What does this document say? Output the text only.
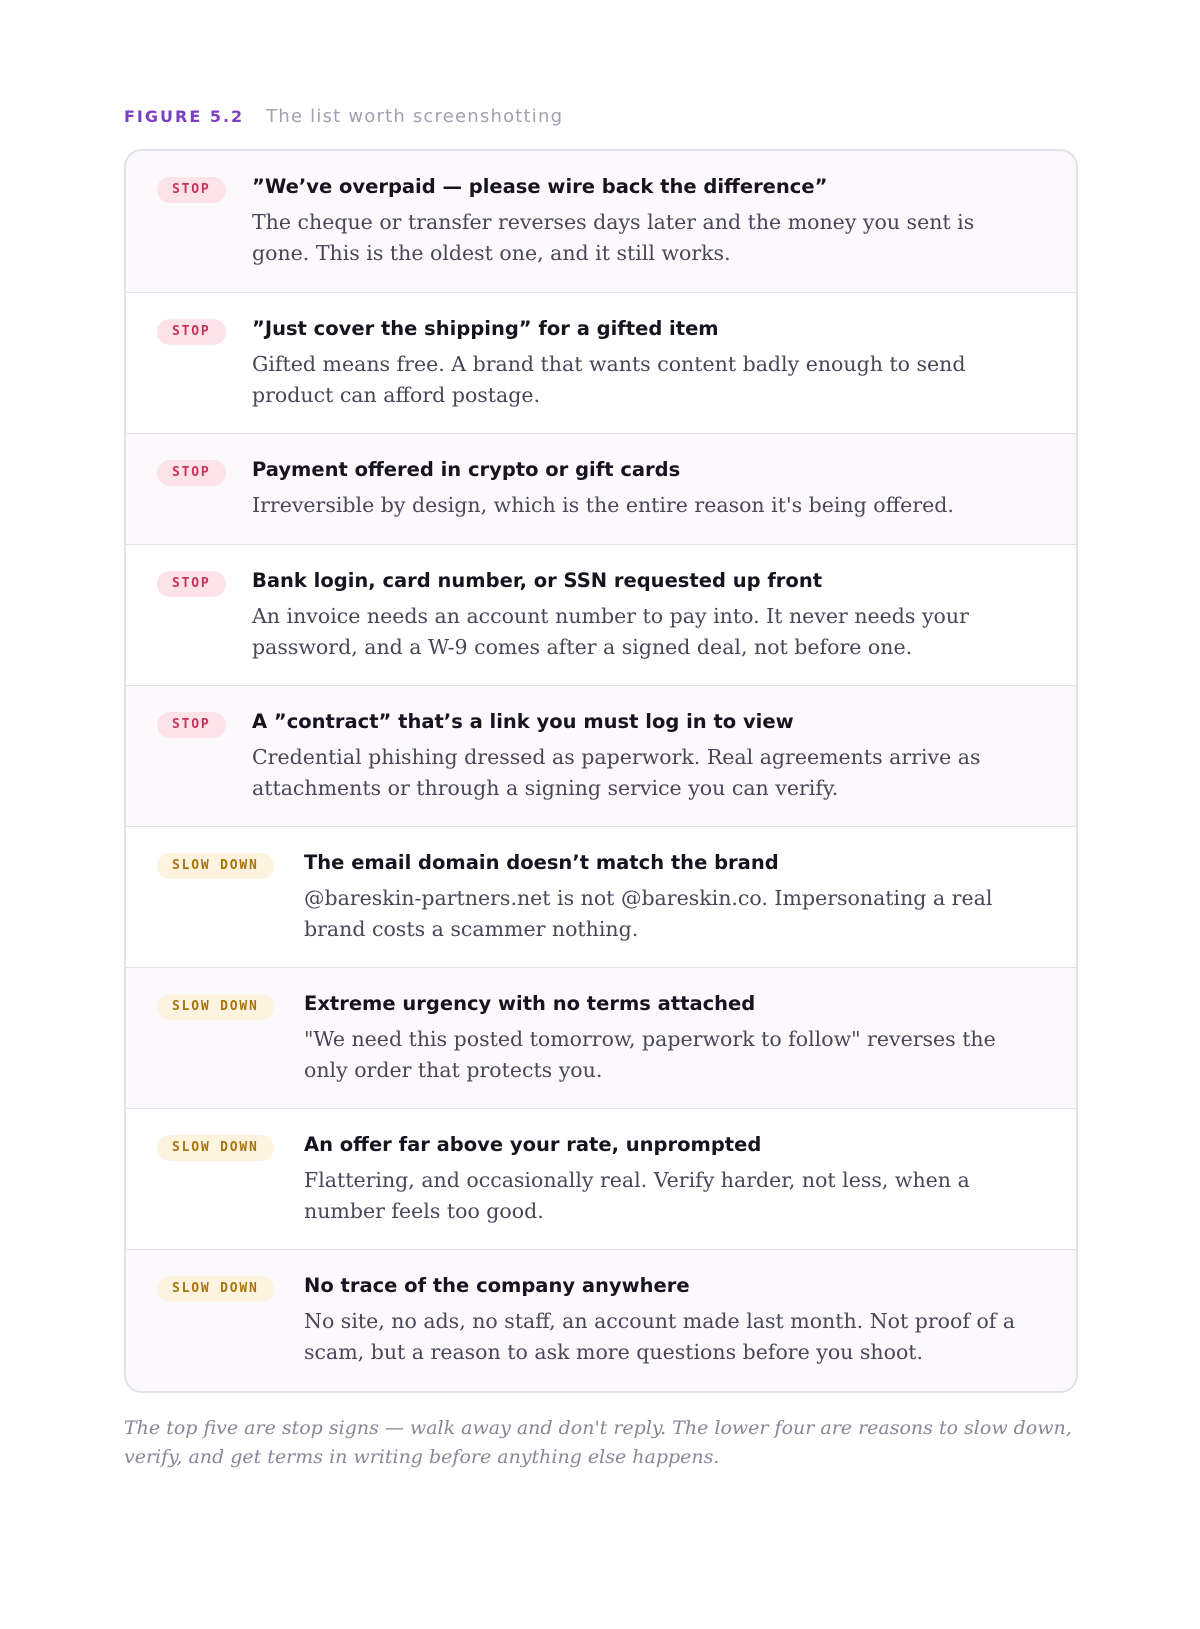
FIGURE 5.2 The list worth screenshotting
STOP	”We’ve overpaid — please wire back the difference”
The cheque or transfer reverses days later and the money you sent is gone. This is the oldest one, and it still works.
STOP	”Just cover the shipping” for a gifted item
Gifted means free. A brand that wants content badly enough to send product can afford postage.
STOP	Payment offered in crypto or gift cards
Irreversible by design, which is the entire reason it's being offered.
STOP	Bank login, card number, or SSN requested up front
An invoice needs an account number to pay into. It never needs your password, and a W-9 comes after a signed deal, not before one.
STOP	A ”contract” that’s a link you must log in to view
Credential phishing dressed as paperwork. Real agreements arrive as attachments or through a signing service you can verify.
SLOW DOWN	The email domain doesn’t match the brand
@bareskin-partners.net is not @bareskin.co. Impersonating a real brand costs a scammer nothing.
SLOW DOWN	Extreme urgency with no terms attached
"We need this posted tomorrow, paperwork to follow" reverses the only order that protects you.
SLOW DOWN	An offer far above your rate, unprompted
Flattering, and occasionally real. Verify harder, not less, when a number feels too good.
SLOW DOWN	No trace of the company anywhere
No site, no ads, no staff, an account made last month. Not proof of a scam, but a reason to ask more questions before you shoot.
The top five are stop signs — walk away and don't reply. The lower four are reasons to slow down, verify, and get terms in writing before anything else happens.
